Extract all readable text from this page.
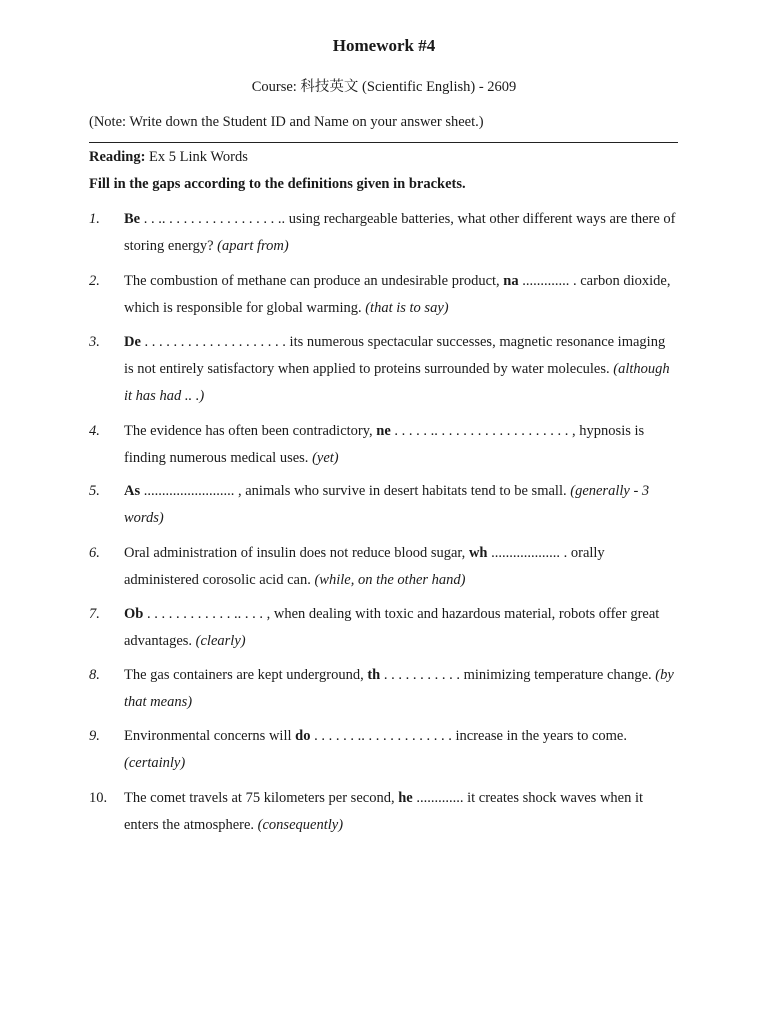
Homework #4
Course: 科技英文 (Scientific English) - 2609
(Note: Write down the Student ID and Name on your answer sheet.)
Reading: Ex 5 Link Words
Fill in the gaps according to the definitions given in brackets.
1. Be . . .. . . . . . . . . . . . . . . . .. using rechargeable batteries, what other different ways are there of storing energy? (apart from)
2. The combustion of methane can produce an undesirable product, na ............. . carbon dioxide, which is responsible for global warming. (that is to say)
3. De . . . . . . . . . . . . . . . . . . . . its numerous spectacular successes, magnetic resonance imaging is not entirely satisfactory when applied to proteins surrounded by water molecules. (although it has had .. .)
4. The evidence has often been contradictory, ne . . . . . .. . . . . . . . . . . . . . . . . . . , hypnosis is finding numerous medical uses. (yet)
5. As ......................... , animals who survive in desert habitats tend to be small. (generally - 3 words)
6. Oral administration of insulin does not reduce blood sugar, wh ................... . orally administered corosolic acid can. (while, on the other hand)
7. Ob . . . . . . . . . . . . .. . . . , when dealing with toxic and hazardous material, robots offer great advantages. (clearly)
8. The gas containers are kept underground, th . . . . . . . . . . . minimizing temperature change. (by that means)
9. Environmental concerns will do . . . . . . .. . . . . . . . . . . . . increase in the years to come. (certainly)
10. The comet travels at 75 kilometers per second, he ............. it creates shock waves when it enters the atmosphere. (consequently)
